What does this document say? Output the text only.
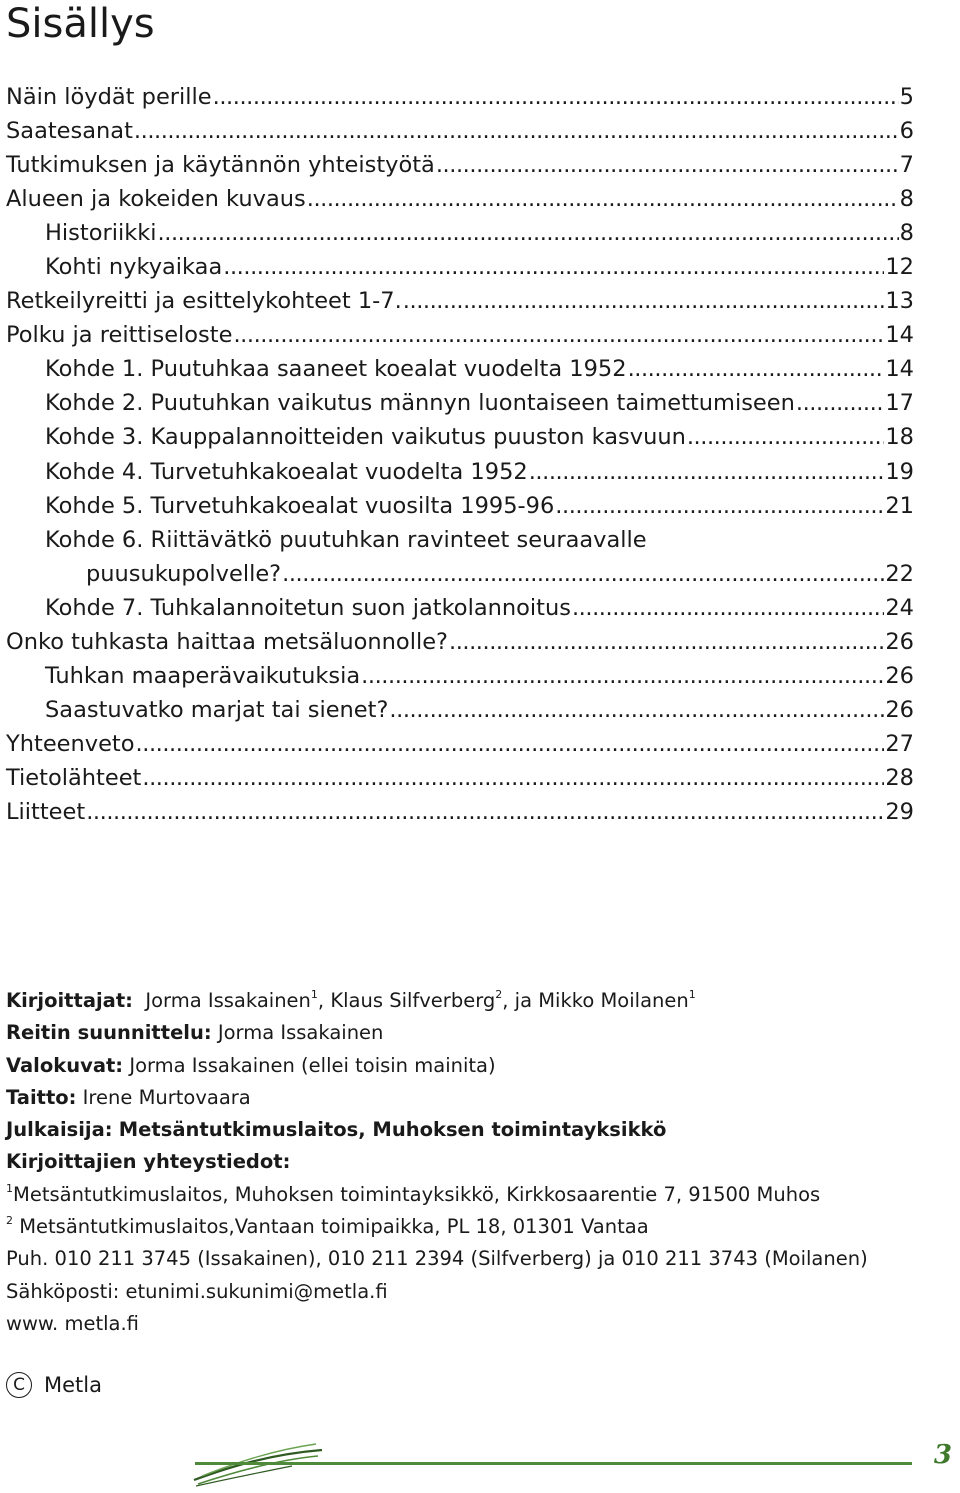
Sisällys
Näin löydät perille . . .	5
Saatesanat . . .	6
Tutkimuksen ja käytännön yhteistyötä . . .	7
Alueen ja kokeiden kuvaus . . .	8
Historiikki . . .	8
Kohti nykyaikaa . . .	12
Retkeilyreitti ja esittelykohteet 1-7. . . .	13
Polku ja reittiseloste . . .	14
Kohde 1. Puutuhkaa saaneet koealat vuodelta 1952 . . .	14
Kohde 2. Puutuhkan vaikutus männyn luontaiseen taimettumiseen . . .	17
Kohde 3. Kauppalannoitteiden vaikutus puuston kasvuun . . .	18
Kohde 4. Turvetuhkakoealat vuodelta 1952 . . .	19
Kohde 5. Turvetuhkakoealat vuosilta 1995-96 . . .	21
Kohde 6. Riittävätkö puutuhkan ravinteet seuraavalle
puusukupolvelle? . . .	22
Kohde 7. Tuhkalannoitetun suon jatkolannoitus . . .	24
Onko tuhkasta haittaa metsäluonnolle? . . .	26
Tuhkan maaperävaikutuksia . . .	26
Saastuvatko marjat tai sienet? . . .	26
Yhteenveto . . .	27
Tietolähteet . . .	28
Liitteet . . .	29
Kirjoittajat: Jorma Issakainen$^1$, Klaus Silfverberg$^2$, ja Mikko Moilanen$^1$
Reitin suunnittelu: Jorma Issakainen
Valokuvat: Jorma Issakainen (ellei toisin mainita)
Taitto: Irene Murtovaara
Julkaisija: Metsäntutkimuslaitos, Muhoksen toimintayksikkö
Kirjoittajien yhteystiedot:
$^1$Metsäntutkimuslaitos, Muhoksen toimintayksikkö, Kirkkosaarentie 7, 91500 Muhos
$^2$ Metsäntutkimuslaitos,Vantaan toimipaikka, PL 18, 01301 Vantaa
Puh. 010 211 3745 (Issakainen), 010 211 2394 (Silfverberg) ja 010 211 3743 (Moilanen)
Sähköposti: etunimi.sukunimi@metla.fi
www. metla.fi
C Metla
3
